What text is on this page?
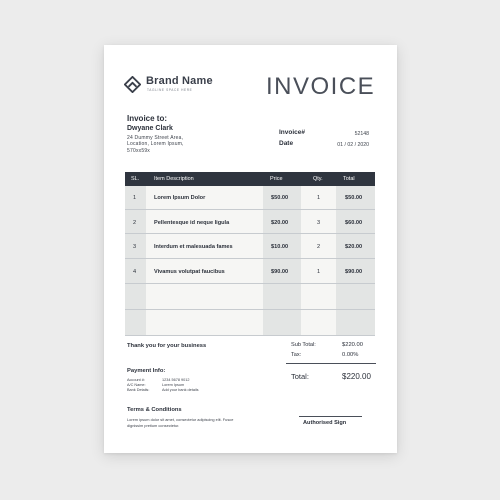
Brand Name
TAGLINE SPACE HERE	INVOICE
Invoice to:
Dwyane Clark
24 Dummy Street Area,
Location, Lorem Ipsum,
570xx59x
Invoice#	52148
Date	01 / 02 / 2020
SL.	Item Description	Price	Qty.	Total
1	Lorem Ipsum Dolor	$50.00	1	$50.00
2	Pellentesque id neque ligula	$20.00	3	$60.00
3	Interdum et malesuada fames	$10.00	2	$20.00
4	Vivamus volutpat faucibus	$90.00	1	$90.00
Thank you for your business	Sub Total:	$220.00
Tax:	0.00%
Total:	$220.00
Payment Info:
Account #:	1234 5678 9012
A/C Name:	Lorem Ipsum
Bank Details:	Add your bank details
Terms & Conditions
Lorem ipsum dolor sit amet, consectetur adipiscing elit. Fusce dignissim pretium consectetur.	Authorised Sign
